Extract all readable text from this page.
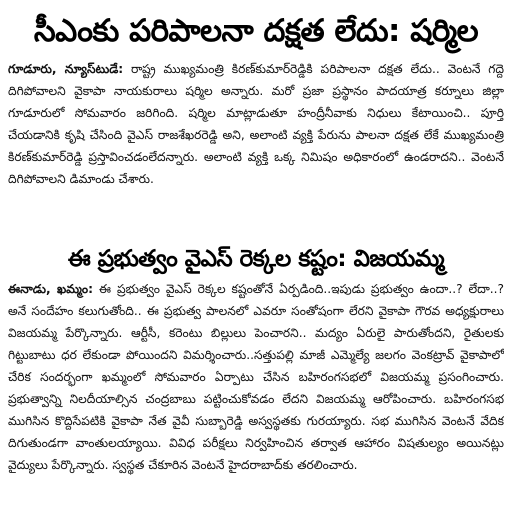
సీఎంకు పరిపాలనా దక్షత లేదు: షర్మిల
గూడూరు, న్యూస్‌టుడే: రాష్ట్ర ముఖ్యమంత్రి కిరణ్‌కుమార్‌రెడ్డికి పరిపాలనా దక్షత లేదు.. వెంటనే గద్దె దిగిపోవాలని వైకాపా నాయకురాలు షర్మిల అన్నారు. మరో ప్రజా ప్రస్థానం పాదయాత్ర కర్నూలు జిల్లా గూడూరులో సోమవారం జరిగింది. షర్మిల మాట్లాడుతూ హంద్రీనీవాకు నిధులు కేటాయించి.. పూర్తి చేయడానికి కృషి చేసింది వైఎస్‌ రాజశేఖరరెడ్డి అని, అలాంటి వ్యక్తి పేరును పాలనా దక్షత లేకే ముఖ్యమంత్రి కిరణ్‌కుమార్‌రెడ్డి ప్రస్తావించడంలేదన్నారు. అలాంటి వ్యక్తి ఒక్క నిమిషం అధికారంలో ఉండరాదని.. వెంటనే దిగిపోవాలని డిమాండు చేశారు.
ఈ ప్రభుత్వం వైఎస్‌ రెక్కల కష్టం: విజయమ్మ
ఈనాడు, ఖమ్మం: ఈ ప్రభుత్వం వైఎస్‌ రెక్కల కష్టంతోనే ఏర్పడింది..ఇపుడు ప్రభుత్వం ఉందా..? లేదా..? అనే సందేహం కలుగుతోంది.. ఈ ప్రభుత్వ పాలనలో ఎవరూ సంతోషంగా లేరని వైకాపా గౌరవ అధ్యక్షురాలు విజయమ్మ పేర్కొన్నారు. ఆర్టీసీ, కరెంటు బిల్లులు పెంచారని.. మద్యం ఏరులై పారుతోందని, రైతులకు గిట్టుబాటు ధర లేకుండా పోయిందని విమర్శించారు..సత్తుపల్లి మాజీ ఎమ్మెల్యే జలగం వెంకట్రావ్‌ వైకాపాలో చేరిక సందర్భంగా ఖమ్మంలో సోమవారం ఏర్పాటు చేసిన బహిరంగసభలో విజయమ్మ ప్రసంగించారు. ప్రభుత్వాన్ని నిలదీయాల్సిన చంద్రబాబు పట్టించుకోవడం లేదని విజయమ్మ ఆరోపించారు. బహిరంగసభ ముగిసిన కొద్దిసేపటికి వైకాపా నేత వైవీ సుబ్బారెడ్డి అస్వస్థతకు గురయ్యారు. సభ ముగిసిన వెంటనే వేదిక దిగుతుండగా వాంతులయ్యాయి. వివిధ పరీక్షలు నిర్వహించిన తర్వాత ఆహారం విషతుల్యం అయినట్లు వైద్యులు పేర్కొన్నారు. స్వస్థత చేకూరిన వెంటనే హైదరాబాద్‌కు తరలించారు.
